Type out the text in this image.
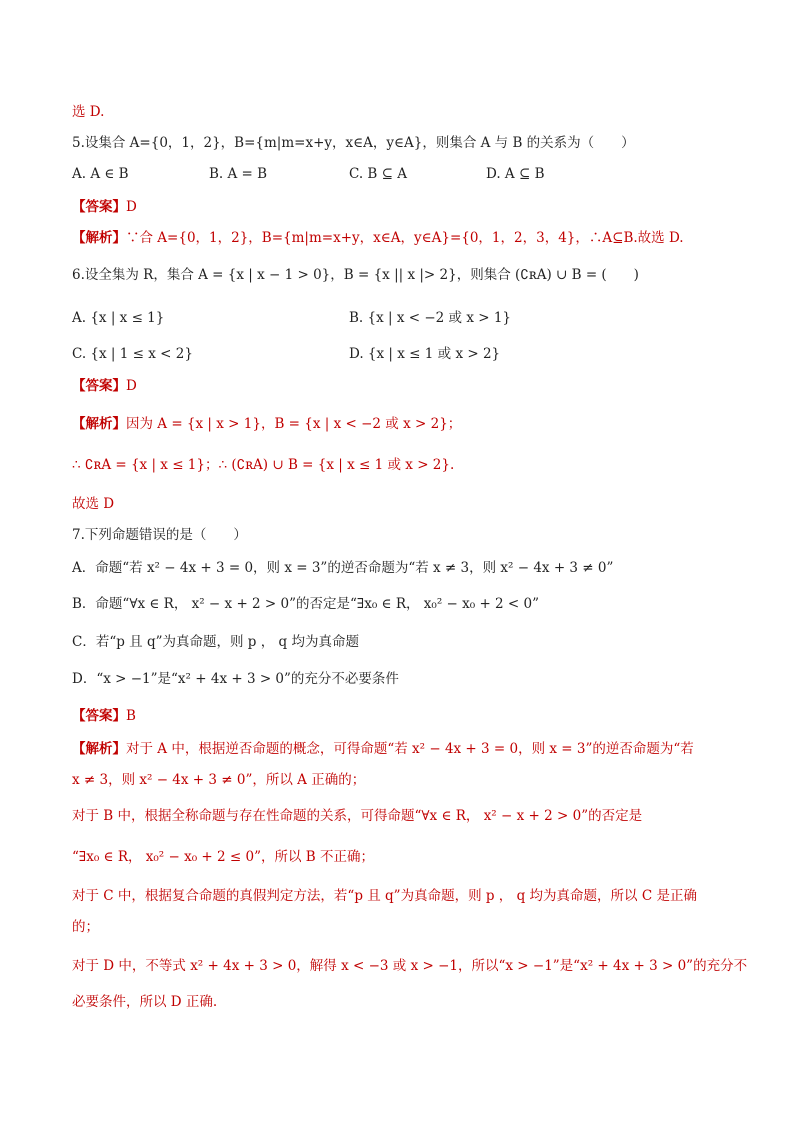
选 D.
5.设集合 A={0，1，2}，B={m|m=x+y，x∈A，y∈A}，则集合 A 与 B 的关系为（　　）
A. A ∈ B	B. A = B	C. B ⊆ A	D. A ⊆ B
【答案】D
【解析】∵合 A={0，1，2}，B={m|m=x+y，x∈A，y∈A}={0，1，2，3，4}，∴A⊆B.故选 D.
6.设全集为 R，集合 A = {x | x − 1 > 0}，B = {x || x |> 2}，则集合 (∁ʀA) ∪ B = (　　)
A. {x | x ≤ 1}	B. {x | x < −2 或 x > 1}
C. {x | 1 ≤ x < 2}	D. {x | x ≤ 1 或 x > 2}
【答案】D
【解析】因为 A = {x | x > 1}，B = {x | x < −2 或 x > 2}；
∴ ∁ʀA = {x | x ≤ 1}；∴ (∁ʀA) ∪ B = {x | x ≤ 1 或 x > 2}.
故选 D
7.下列命题错误的是（　　）
A．命题“若 x² − 4x + 3 = 0，则 x = 3”的逆否命题为“若 x ≠ 3，则 x² − 4x + 3 ≠ 0”
B．命题“∀x ∈ R， x² − x + 2 > 0”的否定是“∃x₀ ∈ R， x₀² − x₀ + 2 < 0”
C．若“p 且 q”为真命题，则 p ， q 均为真命题
D．“x > −1”是“x² + 4x + 3 > 0”的充分不必要条件
【答案】B
【解析】对于 A 中，根据逆否命题的概念，可得命题“若 x² − 4x + 3 = 0，则 x = 3”的逆否命题为“若
x ≠ 3，则 x² − 4x + 3 ≠ 0”，所以 A 正确的；
对于 B 中，根据全称命题与存在性命题的关系，可得命题“∀x ∈ R， x² − x + 2 > 0”的否定是
“∃x₀ ∈ R， x₀² − x₀ + 2 ≤ 0”，所以 B 不正确；
对于 C 中，根据复合命题的真假判定方法，若“p 且 q”为真命题，则 p ， q 均为真命题，所以 C 是正确
的；
对于 D 中，不等式 x² + 4x + 3 > 0，解得 x < −3 或 x > −1，所以“x > −1”是“x² + 4x + 3 > 0”的充分不
必要条件，所以 D 正确.
